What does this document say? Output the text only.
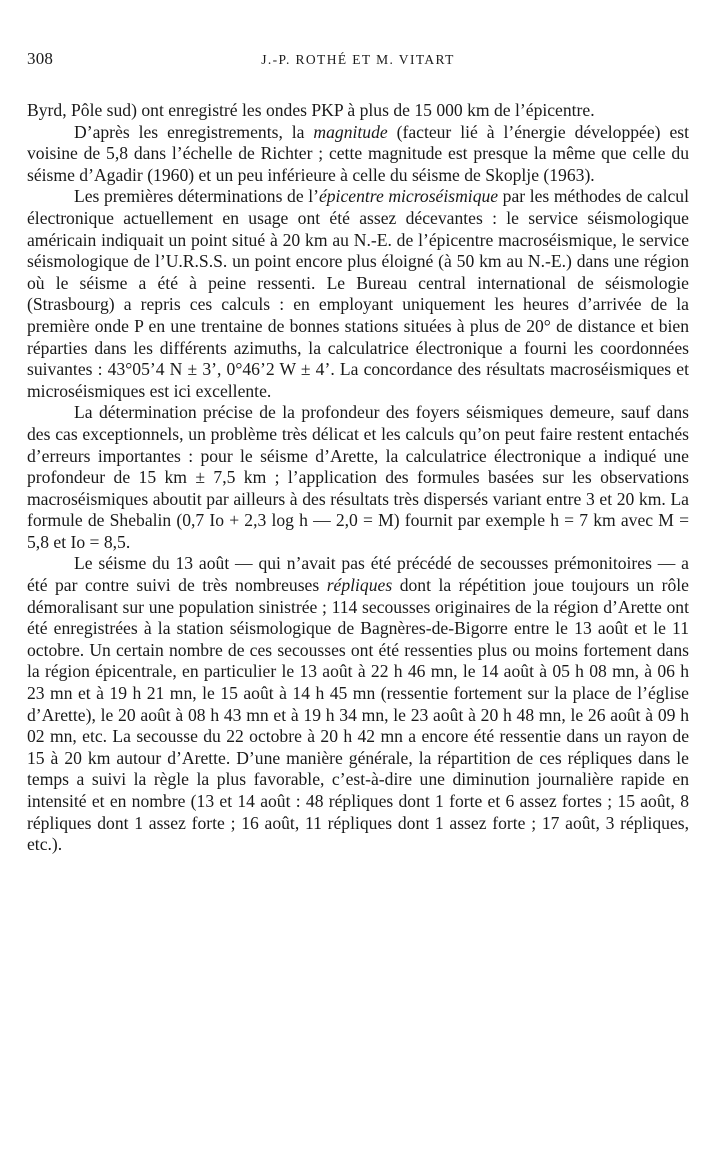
308	J.-P. ROTHÉ ET M. VITART

Byrd, Pôle sud) ont enregistré les ondes PKP à plus de 15 000 km de l’épicentre.

D’après les enregistrements, la magnitude (facteur lié à l’énergie développée) est voisine de 5,8 dans l’échelle de Richter ; cette magnitude est presque la même que celle du séisme d’Agadir (1960) et un peu inférieure à celle du séisme de Skoplje (1963).

Les premières déterminations de l’épicentre microséismique par les méthodes de calcul électronique actuellement en usage ont été assez décevantes : le service séismologique américain indiquait un point situé à 20 km au N.-E. de l’épicentre macroséismique, le service séismologique de l’U.R.S.S. un point encore plus éloigné (à 50 km au N.-E.) dans une région où le séisme a été à peine ressenti. Le Bureau central international de séismologie (Strasbourg) a repris ces calculs : en employant uniquement les heures d’arrivée de la première onde P en une trentaine de bonnes stations situées à plus de 20° de distance et bien réparties dans les différents azimuths, la calculatrice électronique a fourni les coordonnées suivantes : 43°05’4 N ± 3’, 0°46’2 W ± 4’. La concordance des résultats macroséismiques et microséismiques est ici excellente.

La détermination précise de la profondeur des foyers séismiques demeure, sauf dans des cas exceptionnels, un problème très délicat et les calculs qu’on peut faire restent entachés d’erreurs importantes : pour le séisme d’Arette, la calculatrice électronique a indiqué une profondeur de 15 km ± 7,5 km ; l’application des formules basées sur les observations macroséismiques aboutit par ailleurs à des résultats très dispersés variant entre 3 et 20 km. La formule de Shebalin (0,7 Io + 2,3 log h — 2,0 = M) fournit par exemple h = 7 km avec M = 5,8 et Io = 8,5.

Le séisme du 13 août — qui n’avait pas été précédé de secousses prémonitoires — a été par contre suivi de très nombreuses répliques dont la répétition joue toujours un rôle démoralisant sur une population sinistrée ; 114 secousses originaires de la région d’Arette ont été enregistrées à la station séismologique de Bagnères-de-Bigorre entre le 13 août et le 11 octobre. Un certain nombre de ces secousses ont été ressenties plus ou moins fortement dans la région épicentrale, en particulier le 13 août à 22 h 46 mn, le 14 août à 05 h 08 mn, à 06 h 23 mn et à 19 h 21 mn, le 15 août à 14 h 45 mn (ressentie fortement sur la place de l’église d’Arette), le 20 août à 08 h 43 mn et à 19 h 34 mn, le 23 août à 20 h 48 mn, le 26 août à 09 h 02 mn, etc. La secousse du 22 octobre à 20 h 42 mn a encore été ressentie dans un rayon de 15 à 20 km autour d’Arette. D’une manière générale, la répartition de ces répliques dans le temps a suivi la règle la plus favorable, c’est-à-dire une diminution journalière rapide en intensité et en nombre (13 et 14 août : 48 répliques dont 1 forte et 6 assez fortes ; 15 août, 8 répliques dont 1 assez forte ; 16 août, 11 répliques dont 1 assez forte ; 17 août, 3 répliques, etc.).
